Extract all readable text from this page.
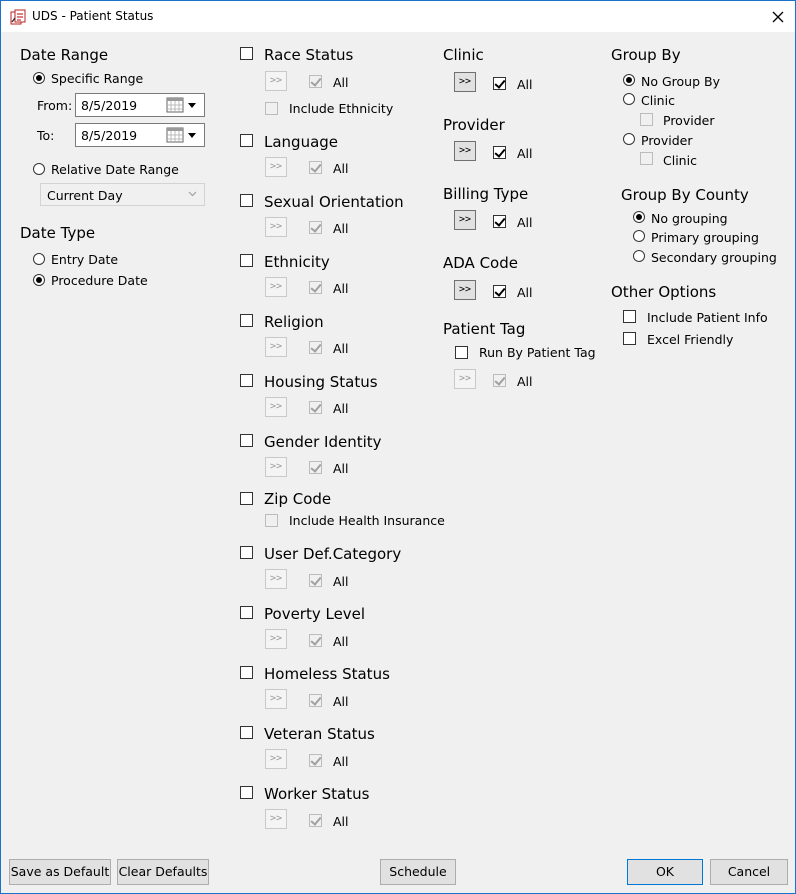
UDS - Patient Status
Date Range
Specific Range
From: 8/5/2019
To: 8/5/2019
Relative Date Range
Current Day
Date Type
Entry Date
Procedure Date
Race Status
>>	All
Include Ethnicity
Language
>>	All
Sexual Orientation
>>	All
Ethnicity
>>	All
Religion
>>	All
Housing Status
>>	All
Gender Identity
>>	All
Zip Code
Include Health Insurance
User Def.Category
>>	All
Poverty Level
>>	All
Homeless Status
>>	All
Veteran Status
>>	All
Worker Status
>>	All
Clinic
>>	All
Provider
>>	All
Billing Type
>>	All
ADA Code
>>	All
Patient Tag
Run By Patient Tag
>>	All
Group By
No Group By
Clinic
Provider
Provider
Clinic
Group By County
No grouping
Primary grouping
Secondary grouping
Other Options
Include Patient Info
Excel Friendly
Save as Default Clear Defaults	Schedule	OK	Cancel
